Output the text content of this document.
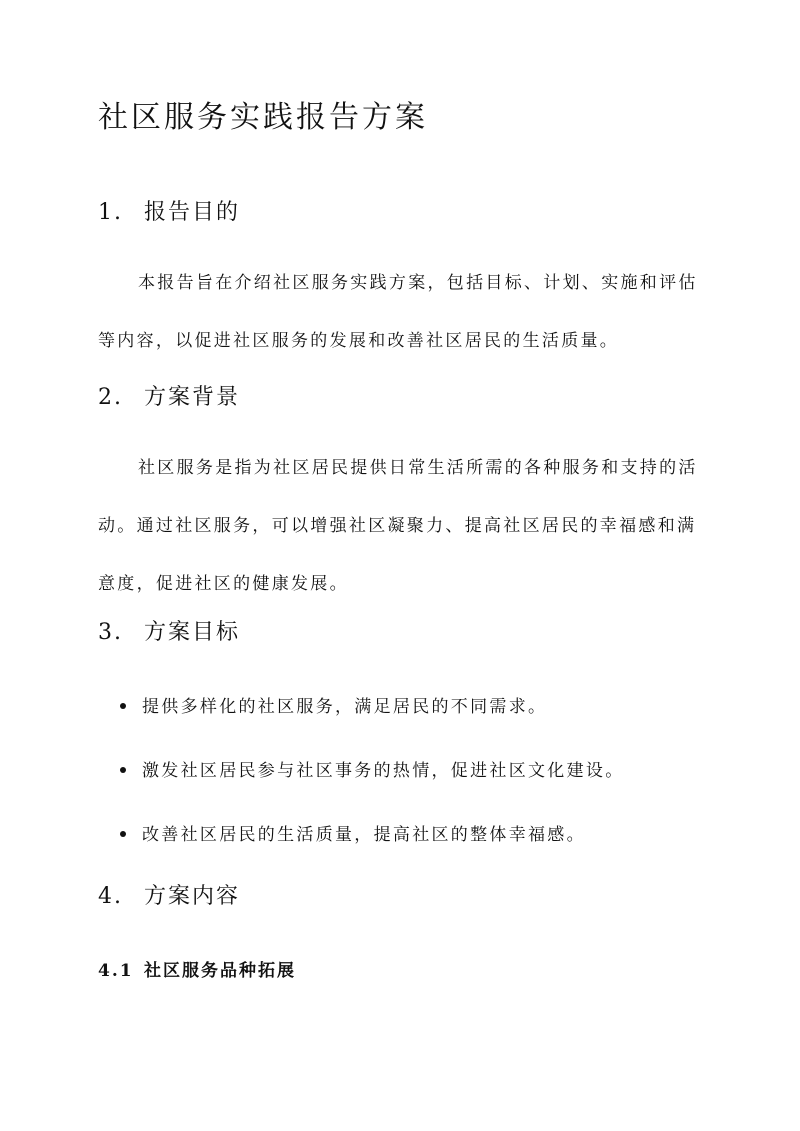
社区服务实践报告方案
1. 报告目的

本报告旨在介绍社区服务实践方案，包括目标、计划、实施和评估等内容，以促进社区服务的发展和改善社区居民的生活质量。

2. 方案背景

社区服务是指为社区居民提供日常生活所需的各种服务和支持的活动。通过社区服务，可以增强社区凝聚力、提高社区居民的幸福感和满意度，促进社区的健康发展。

3. 方案目标
提供多样化的社区服务，满足居民的不同需求。
激发社区居民参与社区事务的热情，促进社区文化建设。
改善社区居民的生活质量，提高社区的整体幸福感。
4. 方案内容
4.1 社区服务品种拓展
